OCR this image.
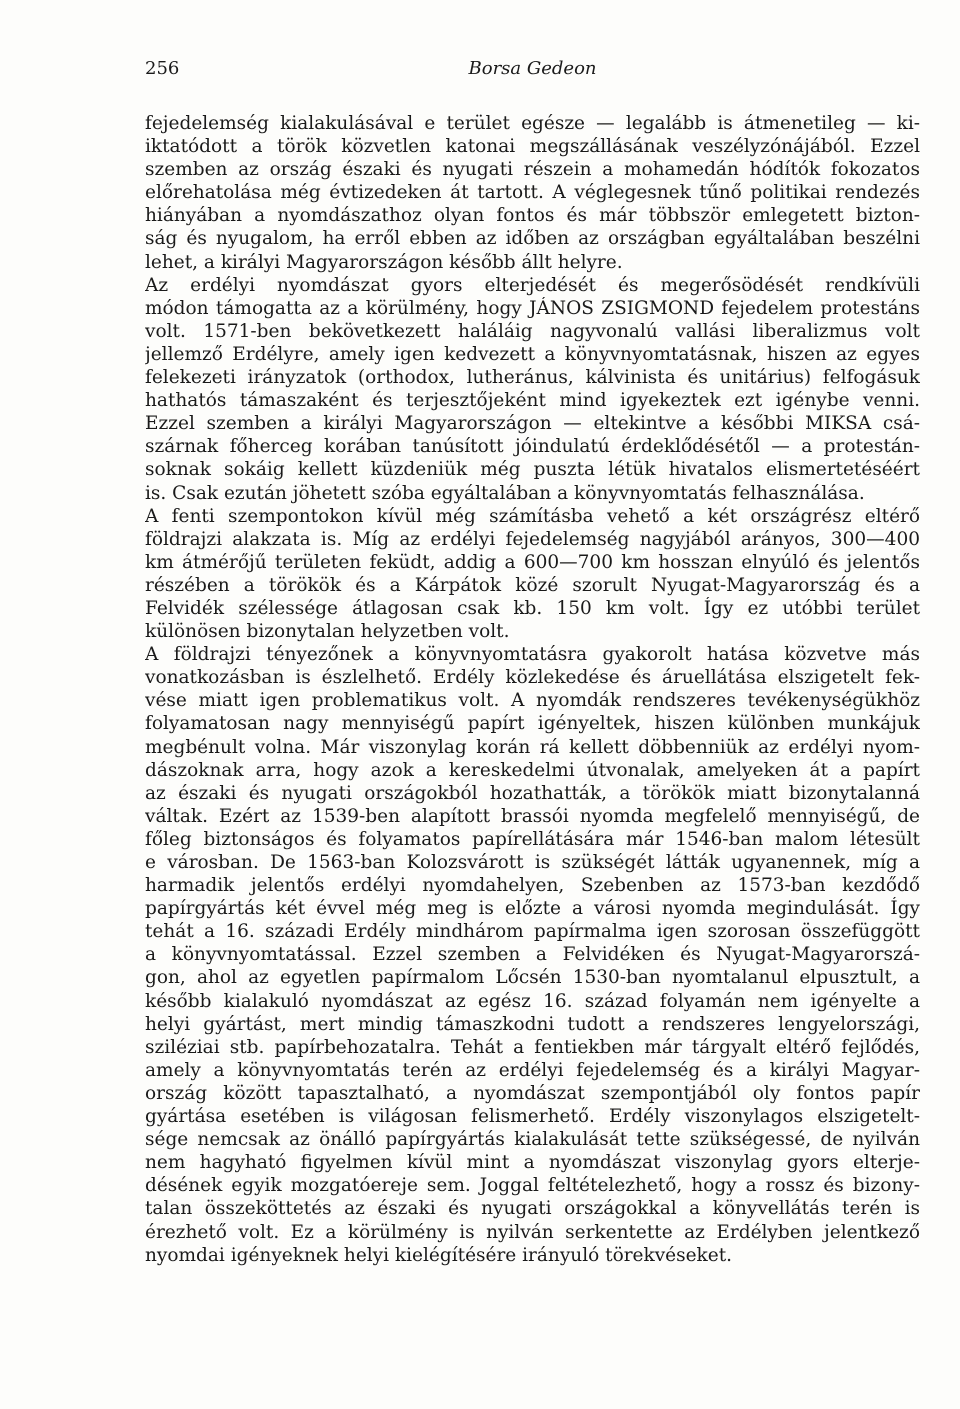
256	Borsa Gedeon
fejedelemség kialakulásával e terület egésze — legalább is átmenetileg — ki-
iktatódott a török közvetlen katonai megszállásának veszélyzónájából. Ezzel
szemben az ország északi és nyugati részein a mohamedán hódítók fokozatos
előrehatolása még évtizedeken át tartott. A véglegesnek tűnő politikai rendezés
hiányában a nyomdászathoz olyan fontos és már többször emlegetett bizton-
ság és nyugalom, ha erről ebben az időben az országban egyáltalában beszélni
lehet, a királyi Magyarországon később állt helyre.
Az erdélyi nyomdászat gyors elterjedését és megerősödését rendkívüli
módon támogatta az a körülmény, hogy JÁNOS ZSIGMOND fejedelem protestáns
volt. 1571-ben bekövetkezett haláláig nagyvonalú vallási liberalizmus volt
jellemző Erdélyre, amely igen kedvezett a könyvnyomtatásnak, hiszen az egyes
felekezeti irányzatok (orthodox, lutheránus, kálvinista és unitárius) felfogásuk
hathatós támaszaként és terjesztőjeként mind igyekeztek ezt igénybe venni.
Ezzel szemben a királyi Magyarországon — eltekintve a későbbi MIKSA csá-
szárnak főherceg korában tanúsított jóindulatú érdeklődésétől — a protestán-
soknak sokáig kellett küzdeniük még puszta létük hivatalos elismertetéséért
is. Csak ezután jöhetett szóba egyáltalában a könyvnyomtatás felhasználása.
A fenti szempontokon kívül még számításba vehető a két országrész eltérő
földrajzi alakzata is. Míg az erdélyi fejedelemség nagyjából arányos, 300—400
km átmérőjű területen feküdt, addig a 600—700 km hosszan elnyúló és jelentős
részében a törökök és a Kárpátok közé szorult Nyugat-Magyarország és a
Felvidék szélessége átlagosan csak kb. 150 km volt. Így ez utóbbi terület
különösen bizonytalan helyzetben volt.
A földrajzi tényezőnek a könyvnyomtatásra gyakorolt hatása közvetve más
vonatkozásban is észlelhető. Erdély közlekedése és áruellátása elszigetelt fek-
vése miatt igen problematikus volt. A nyomdák rendszeres tevékenységükhöz
folyamatosan nagy mennyiségű papírt igényeltek, hiszen különben munkájuk
megbénult volna. Már viszonylag korán rá kellett döbbenniük az erdélyi nyom-
dászoknak arra, hogy azok a kereskedelmi útvonalak, amelyeken át a papírt
az északi és nyugati országokból hozathatták, a törökök miatt bizonytalanná
váltak. Ezért az 1539-ben alapított brassói nyomda megfelelő mennyiségű, de
főleg biztonságos és folyamatos papírellátására már 1546-ban malom létesült
e városban. De 1563-ban Kolozsvárott is szükségét látták ugyanennek, míg a
harmadik jelentős erdélyi nyomdahelyen, Szebenben az 1573-ban kezdődő
papírgyártás két évvel még meg is előzte a városi nyomda megindulását. Így
tehát a 16. századi Erdély mindhárom papírmalma igen szorosan összefüggött
a könyvnyomtatással. Ezzel szemben a Felvidéken és Nyugat-Magyarorszá-
gon, ahol az egyetlen papírmalom Lőcsén 1530-ban nyomtalanul elpusztult, a
később kialakuló nyomdászat az egész 16. század folyamán nem igényelte a
helyi gyártást, mert mindig támaszkodni tudott a rendszeres lengyelországi,
sziléziai stb. papírbehozatalra. Tehát a fentiekben már tárgyalt eltérő fejlődés,
amely a könyvnyomtatás terén az erdélyi fejedelemség és a királyi Magyar-
ország között tapasztalható, a nyomdászat szempontjából oly fontos papír
gyártása esetében is világosan felismerhető. Erdély viszonylagos elszigetelt-
sége nemcsak az önálló papírgyártás kialakulását tette szükségessé, de nyilván
nem hagyható figyelmen kívül mint a nyomdászat viszonylag gyors elterje-
désének egyik mozgatóereje sem. Joggal feltételezhető, hogy a rossz és bizony-
talan összeköttetés az északi és nyugati országokkal a könyvellátás terén is
érezhető volt. Ez a körülmény is nyilván serkentette az Erdélyben jelentkező
nyomdai igényeknek helyi kielégítésére irányuló törekvéseket.
